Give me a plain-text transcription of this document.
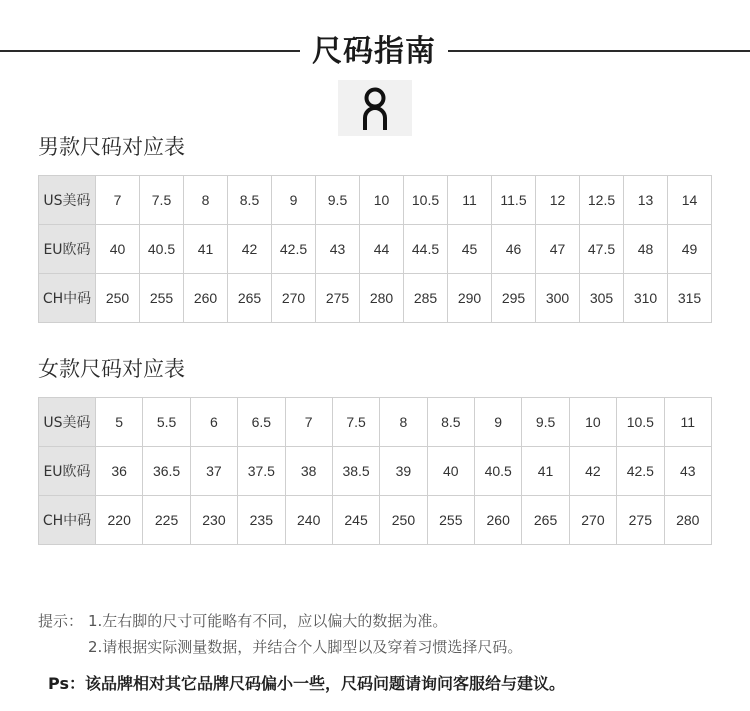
尺码指南
男款尺码对应表
US美码	7	7.5	8	8.5	9	9.5	10	10.5	11	11.5	12	12.5	13	14
EU欧码	40	40.5	41	42	42.5	43	44	44.5	45	46	47	47.5	48	49
CH中码	250	255	260	265	270	275	280	285	290	295	300	305	310	315
女款尺码对应表
US美码	5	5.5	6	6.5	7	7.5	8	8.5	9	9.5	10	10.5	11
EU欧码	36	36.5	37	37.5	38	38.5	39	40	40.5	41	42	42.5	43
CH中码	220	225	230	235	240	245	250	255	260	265	270	275	280
提示： 1.左右脚的尺寸可能略有不同，应以偏大的数据为准。
2.请根据实际测量数据，并结合个人脚型以及穿着习惯选择尺码。
Ps：该品牌相对其它品牌尺码偏小一些，尺码问题请询问客服给与建议。
